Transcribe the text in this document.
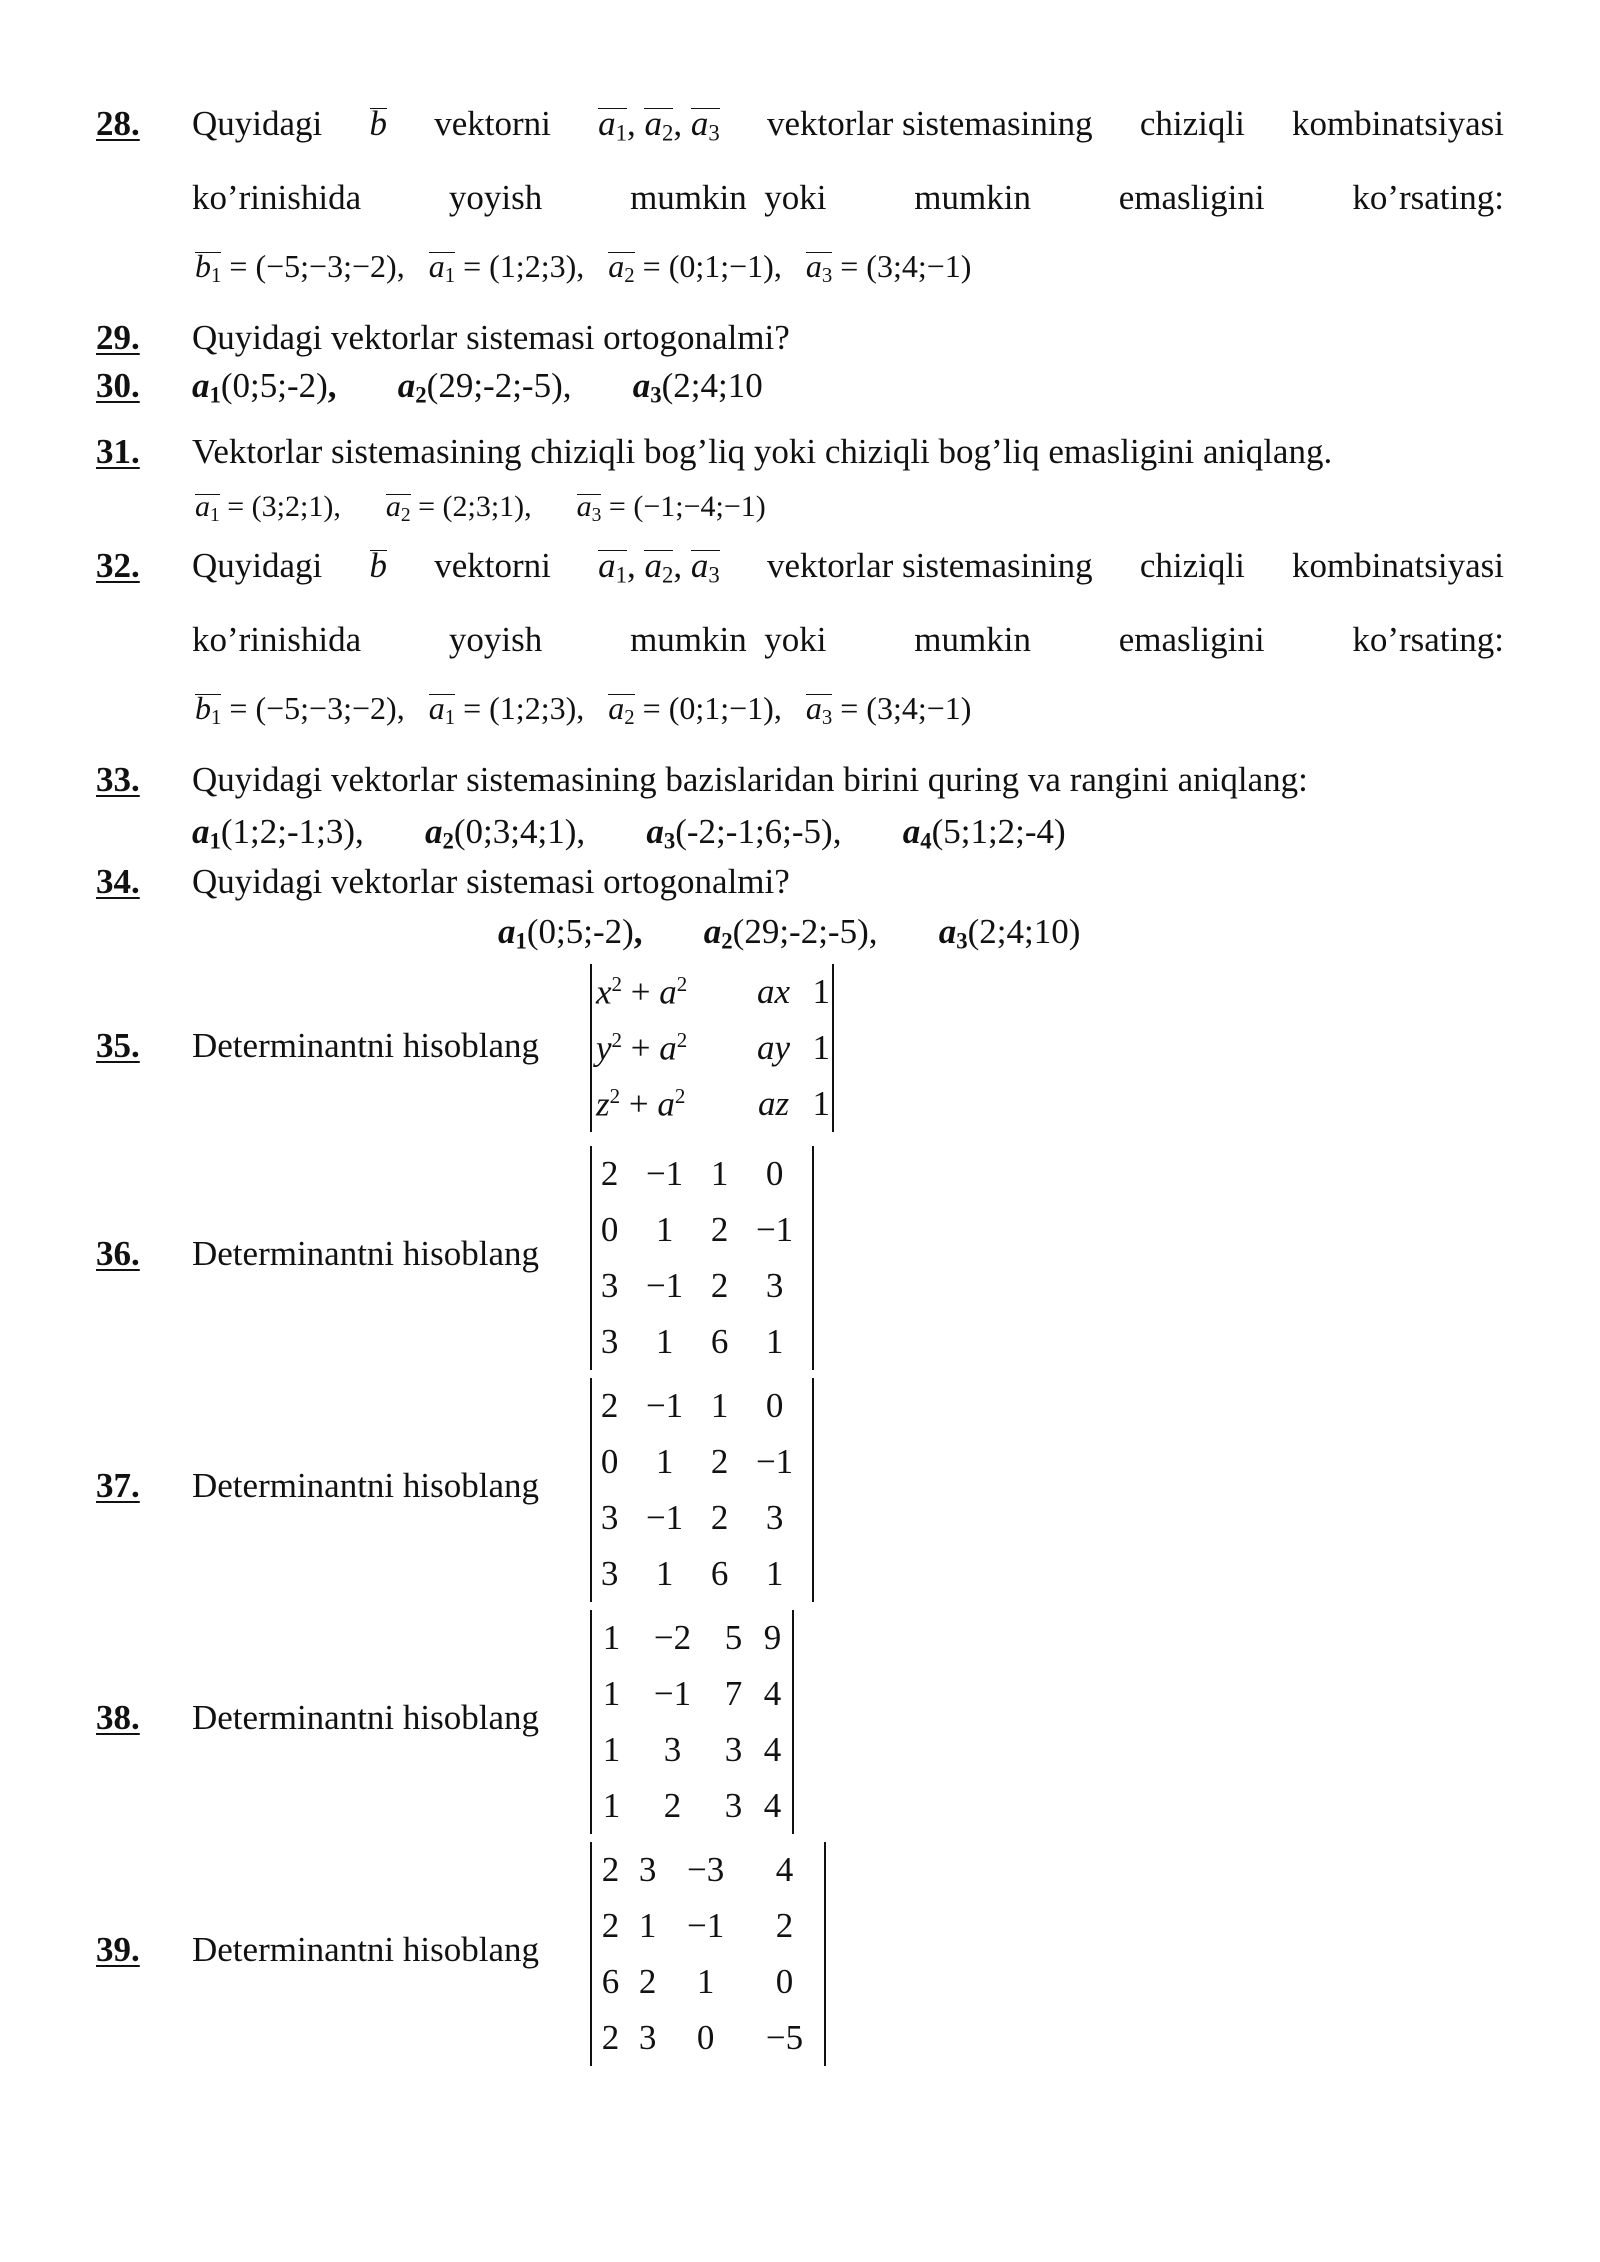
28. Quyidagi b vektorni $a_1$, $a_2$, $a_3$ vektorlar sistemasining chiziqli kombinatsiyasi
ko’rinishida	yoyish	mumkin yoki	mumkin	emasligini	ko’rsating:
$b_1$ = (−5;−3;−2), $a_1$ = (1;2;3), $a_2$ = (0;1;−1), $a_3$ = (3;4;−1)
29. Quyidagi vektorlar sistemasi ortogonalmi?
30. $a_1(0;5;-2)$, $a_2(29;-2;-5)$, $a_3(2;4;10$
31. Vektorlar sistemasining chiziqli bog’liq yoki chiziqli bog’liq emasligini aniqlang.
$a_1$ = (3;2;1), $a_2$ = (2;3;1), $a_3$ = (−1;−4;−1)
32. Quyidagi b vektorni $a_1$, $a_2$, $a_3$ vektorlar sistemasining chiziqli kombinatsiyasi
ko’rinishida	yoyish	mumkin yoki	mumkin	emasligini	ko’rsating:
$b_1$ = (−5;−3;−2), $a_1$ = (1;2;3), $a_2$ = (0;1;−1), $a_3$ = (3;4;−1)
33. Quyidagi vektorlar sistemasining bazislaridan birini quring va rangini aniqlang:
$a_1(1;2;-1;3)$, $a_2(0;3;4;1)$, $a_3(-2;-1;6;-5)$, $a_4(5;1;2;-4)$
34. Quyidagi vektorlar sistemasi ortogonalmi?
$a_1(0;5;-2)$, $a_2(29;-2;-5)$, $a_3(2;4;10)$
35. Determinantni hisoblang
$x^2 + a^2$	ax	1
$y^2 + a^2$	ay	1
$z^2 + a^2$	az	1
36. Determinantni hisoblang
2	−1	1	0
0	1	2	−1
3	−1	2	3
3	1	6	1
37. Determinantni hisoblang
2	−1	1	0
0	1	2	−1
3	−1	2	3
3	1	6	1
38. Determinantni hisoblang
1	−2	5	9
1	−1	7	4
1	3	3	4
1	2	3	4
39. Determinantni hisoblang
2	3	−3	4
2	1	−1	2
6	2	1	0
2	3	0	−5
